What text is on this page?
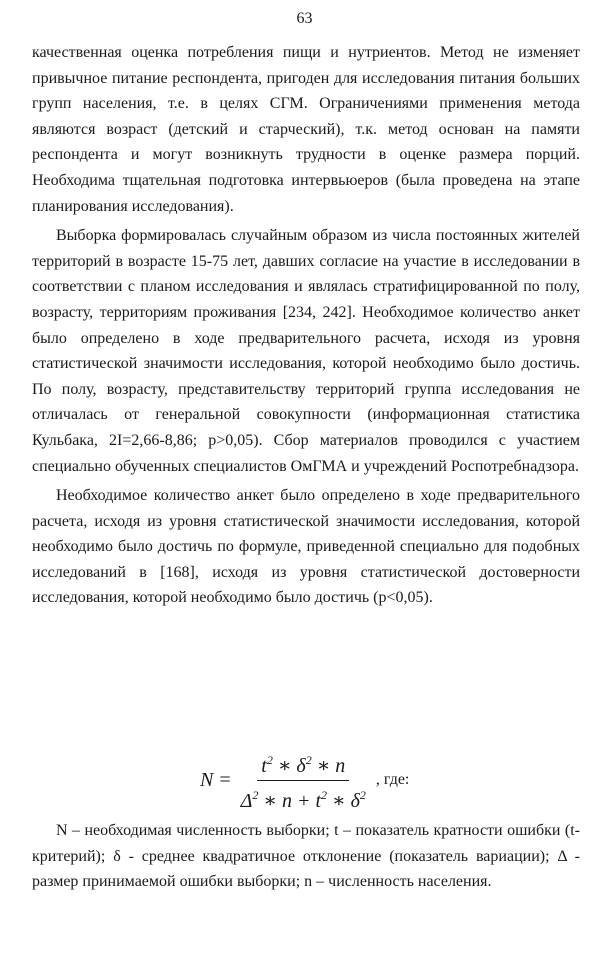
63

качественная оценка потребления пищи и нутриентов. Метод не изменяет привычное питание респондента, пригоден для исследования питания больших групп населения, т.е. в целях СГМ. Ограничениями применения метода являются возраст (детский и старческий), т.к. метод основан на памяти респондента и могут возникнуть трудности в оценке размера порций. Необходима тщательная подготовка интервьюеров (была проведена на этапе планирования исследования).

Выборка формировалась случайным образом из числа постоянных жителей территорий в возрасте 15-75 лет, давших согласие на участие в исследовании в соответствии с планом исследования и являлась стратифицированной по полу, возрасту, территориям проживания [234, 242]. Необходимое количество анкет было определено в ходе предварительного расчета, исходя из уровня статистической значимости исследования, которой необходимо было достичь. По полу, возрасту, представительству территорий группа исследования не отличалась от генеральной совокупности (информационная статистика Кульбака, 2I=2,66-8,86; p>0,05). Сбор материалов проводился с участием специально обученных специалистов ОмГМА и учреждений Роспотребнадзора.

Необходимое количество анкет было определено в ходе предварительного расчета, исходя из уровня статистической значимости исследования, которой необходимо было достичь по формуле, приведенной специально для подобных исследований в [168], исходя из уровня статистической достоверности исследования, которой необходимо было достичь (p<0,05).

$N = \frac{t^2 ∗ \delta^2 ∗ n}{\Delta^2 ∗ n + t^2 ∗ \delta^2}$ , где:

N – необходимая численность выборки; t – показатель кратности ошибки (t-критерий); δ - среднее квадратичное отклонение (показатель вариации); Δ - размер принимаемой ошибки выборки; n – численность населения.
